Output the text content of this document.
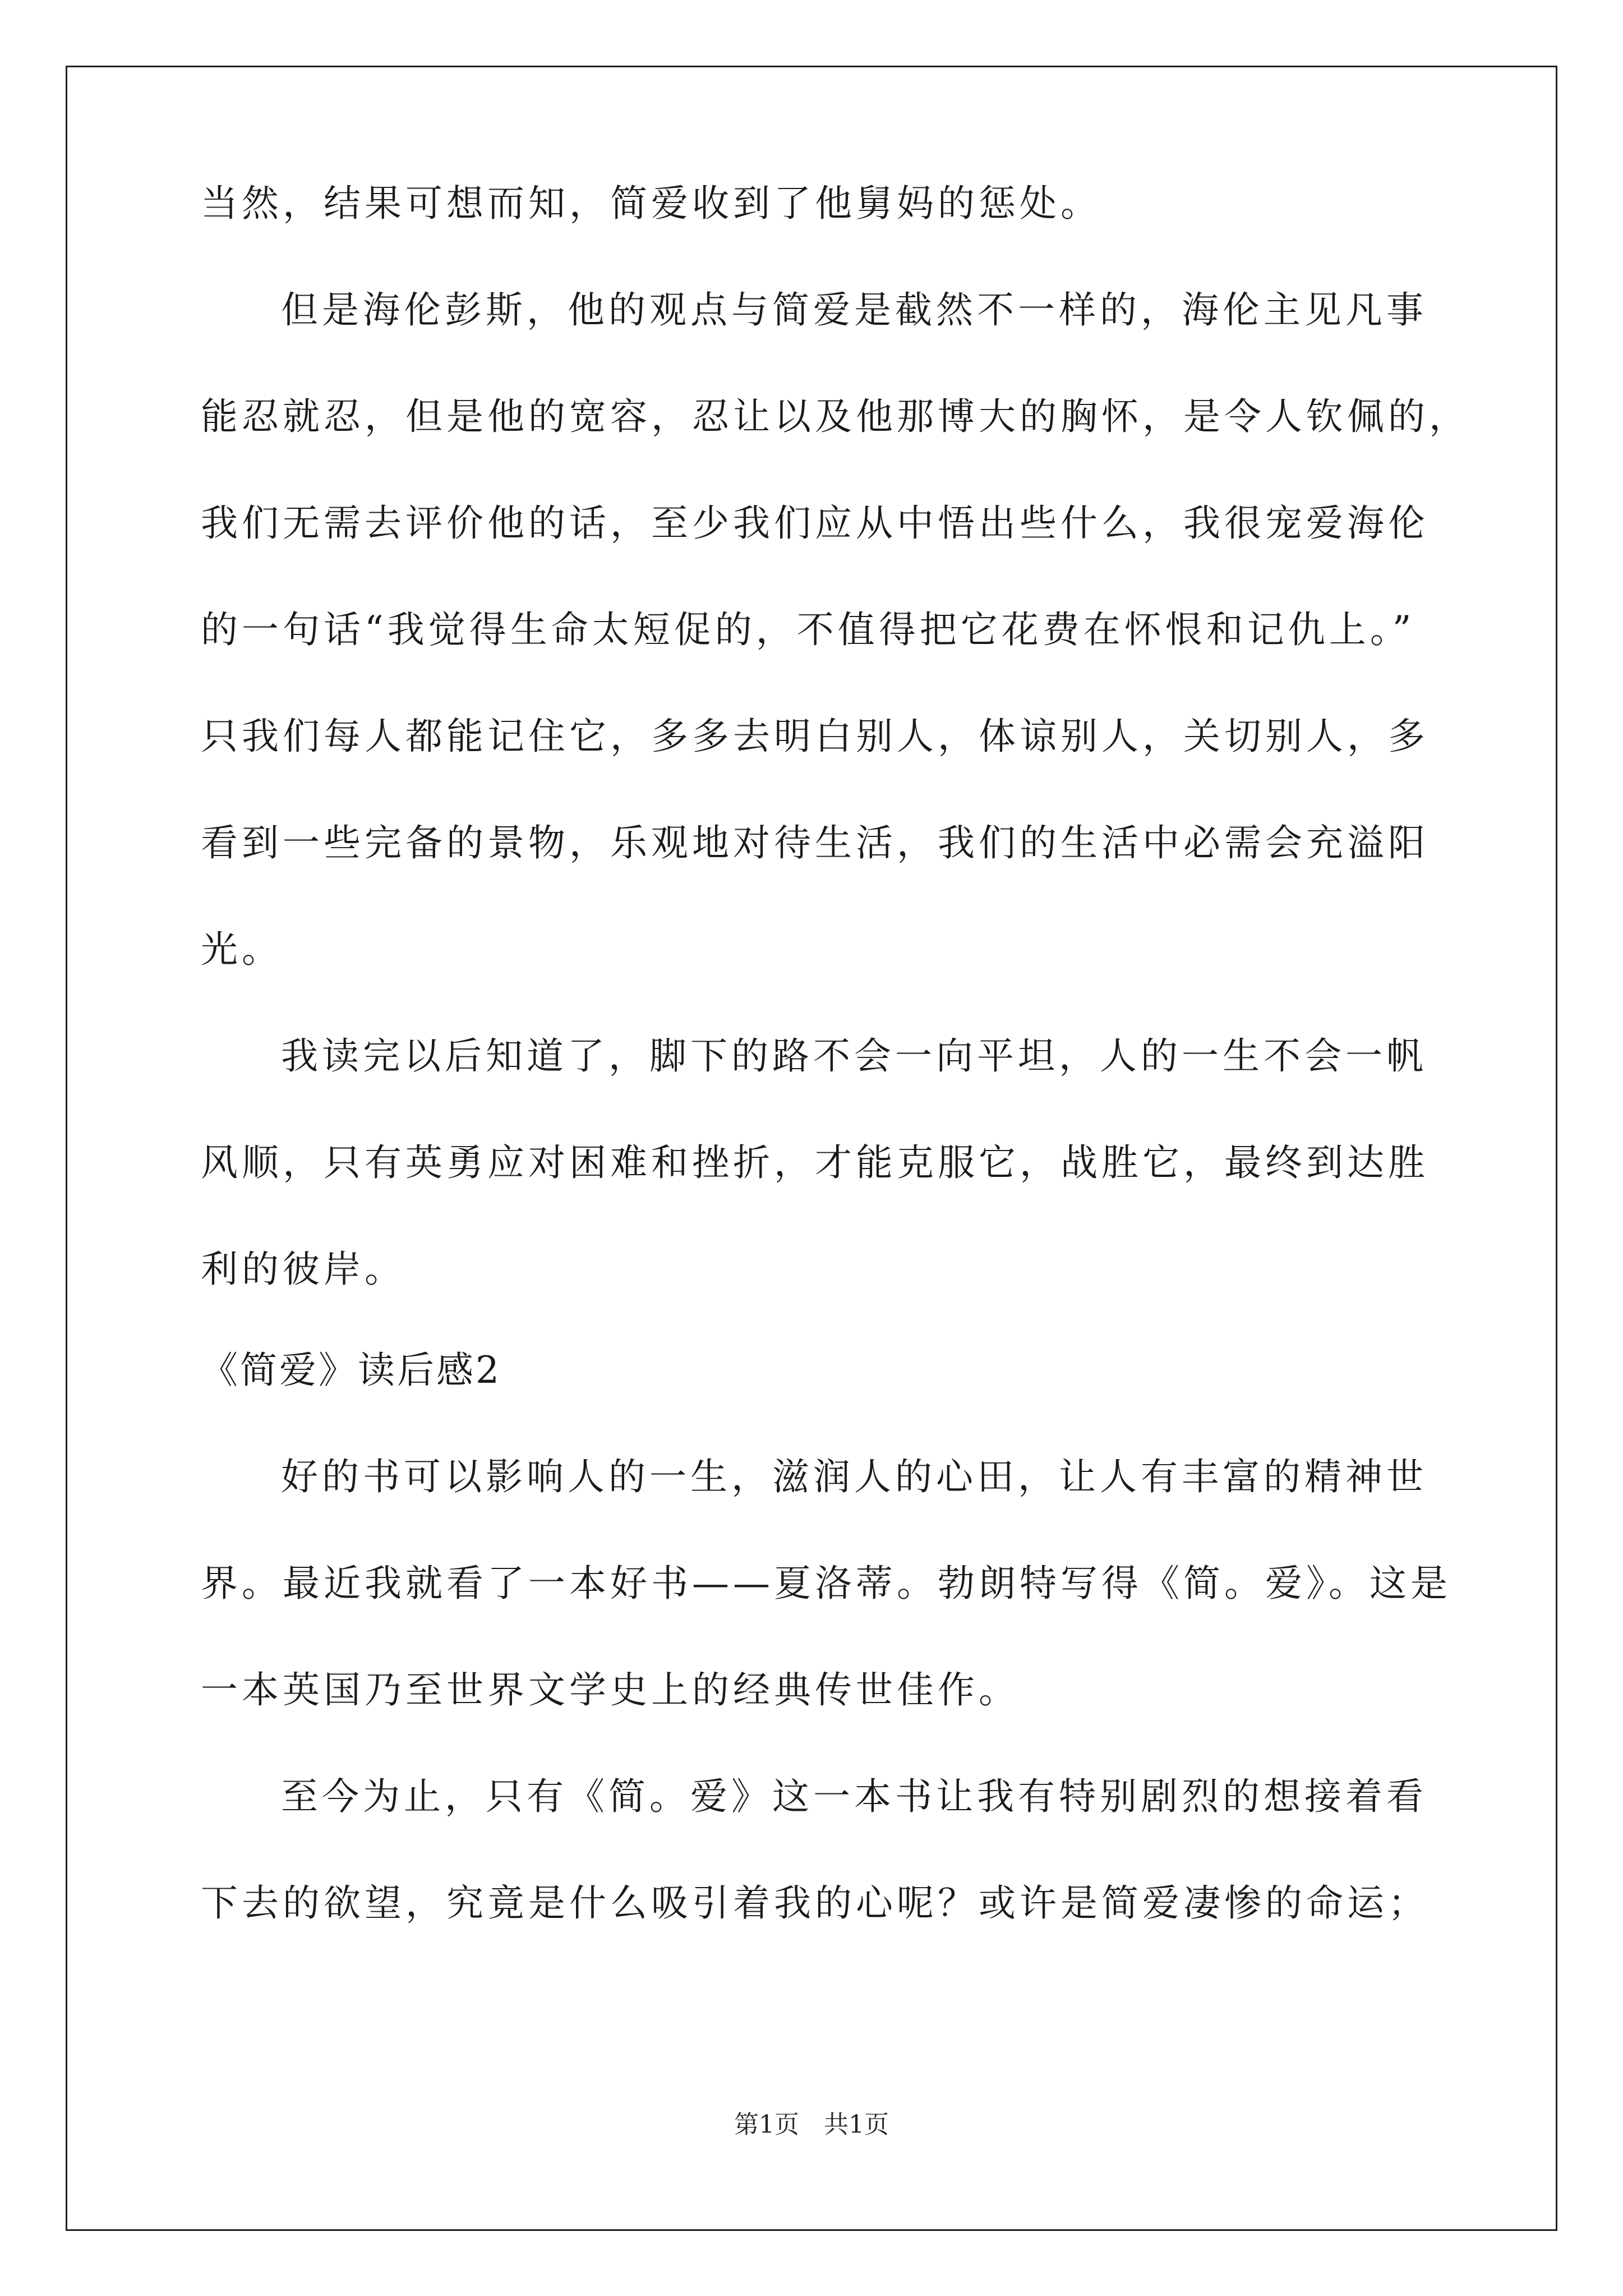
当然，结果可想而知，简爱收到了他舅妈的惩处。
但是海伦彭斯，他的观点与简爱是截然不一样的，海伦主见凡事
能忍就忍，但是他的宽容，忍让以及他那博大的胸怀，是令人钦佩的，
我们无需去评价他的话，至少我们应从中悟出些什么，我很宠爱海伦
的一句话“我觉得生命太短促的，不值得把它花费在怀恨和记仇上。”
只我们每人都能记住它，多多去明白别人，体谅别人，关切别人，多
看到一些完备的景物，乐观地对待生活，我们的生活中必需会充溢阳
光。
我读完以后知道了，脚下的路不会一向平坦，人的一生不会一帆
风顺，只有英勇应对困难和挫折，才能克服它，战胜它，最终到达胜
利的彼岸。
《简爱》读后感2
好的书可以影响人的一生，滋润人的心田，让人有丰富的精神世
界。最近我就看了一本好书——夏洛蒂。勃朗特写得《简。爱》。这是
一本英国乃至世界文学史上的经典传世佳作。
至今为止，只有《简。爱》这一本书让我有特别剧烈的想接着看
下去的欲望，究竟是什么吸引着我的心呢？或许是简爱凄惨的命运；
第1页　共1页
